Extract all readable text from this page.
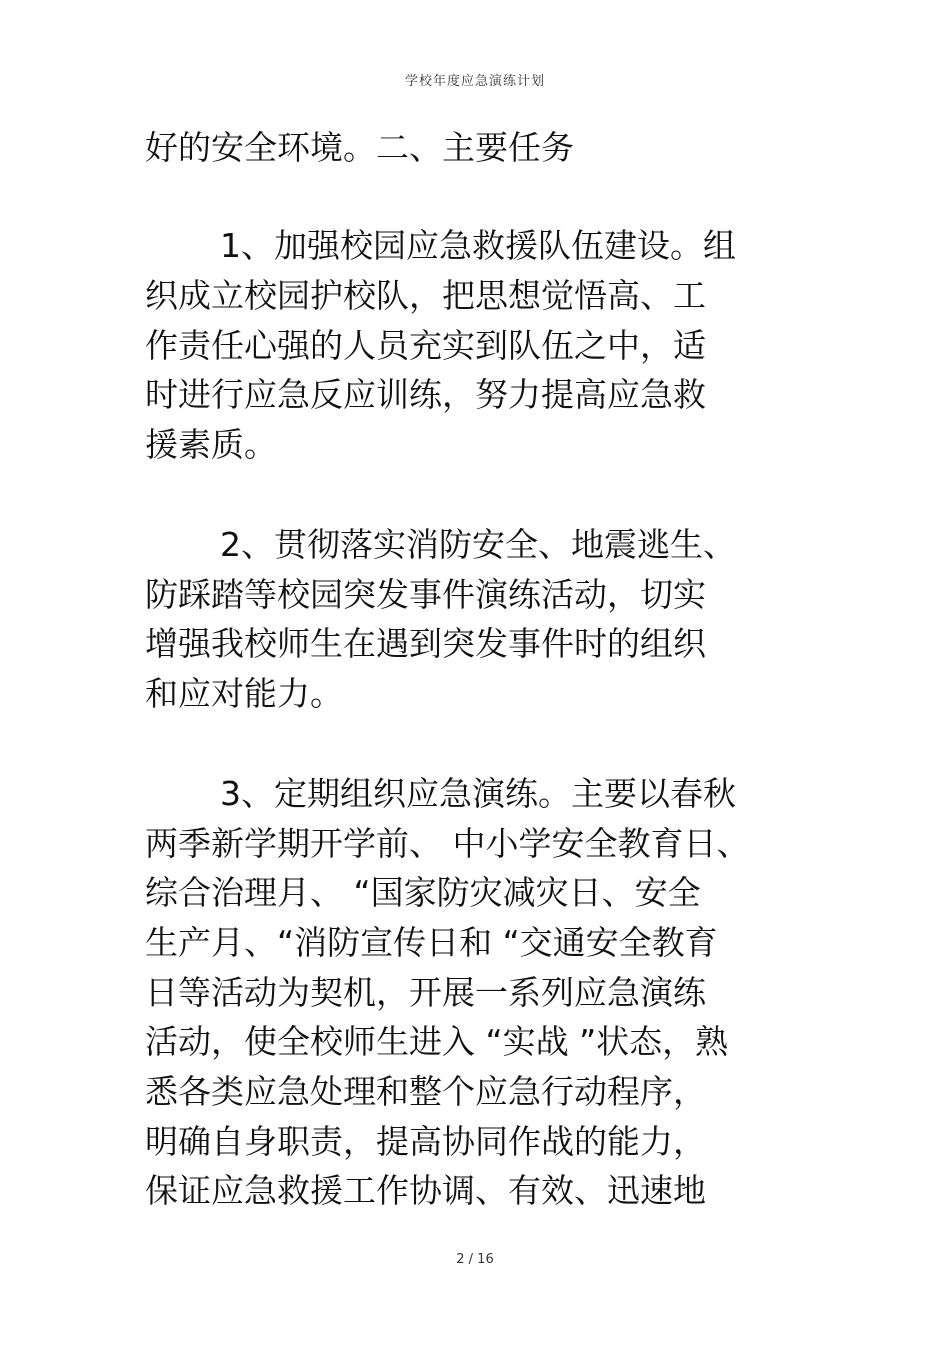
学校年度应急演练计划
好的安全环境。二、主要任务
1、加强校园应急救援队伍建设。组
织成立校园护校队，把思想觉悟高、工
作责任心强的人员充实到队伍之中，适
时进行应急反应训练，努力提高应急救
援素质。
2、贯彻落实消防安全、地震逃生、
防踩踏等校园突发事件演练活动，切实
增强我校师生在遇到突发事件时的组织
和应对能力。
3、定期组织应急演练。主要以春秋
两季新学期开学前、 中小学安全教育日、
综合治理月、 “国家防灾减灾日、安全
生产月、“消防宣传日和 “交通安全教育
日等活动为契机，开展一系列应急演练
活动，使全校师生进入 “实战 ”状态，熟
悉各类应急处理和整个应急行动程序，
明确自身职责，提高协同作战的能力，
保证应急救援工作协调、有效、迅速地
2 / 16
